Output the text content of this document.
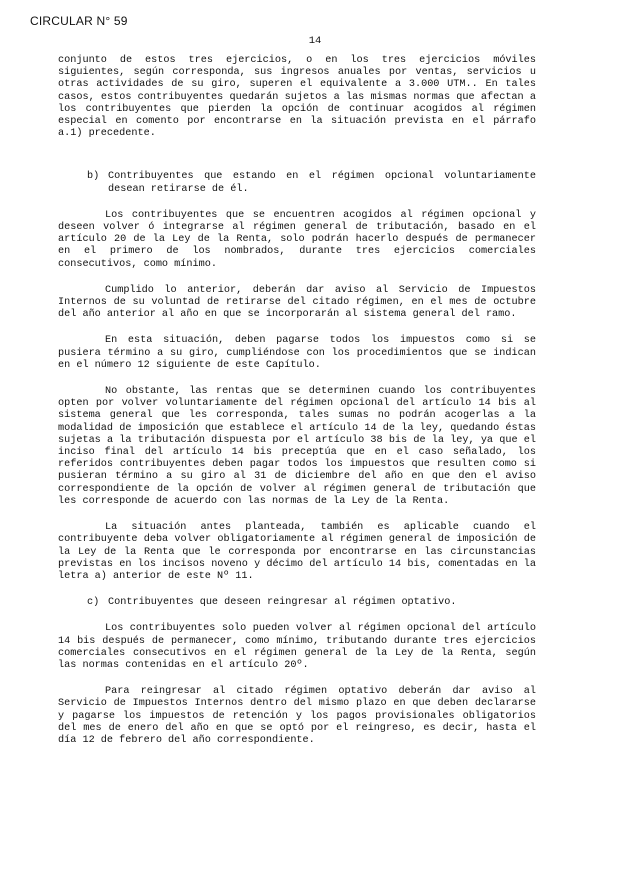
CIRCULAR N° 59
14

conjunto de estos tres ejercicios, o en los tres ejercicios móviles siguientes, según corresponda, sus ingresos anuales por ventas, servicios u otras actividades de su giro, superen el equivalente a 3.000 UTM.. En tales casos, estos contribuyentes quedarán sujetos a las mismas normas que afectan a los contribuyentes que pierden la opción de continuar acogidos al régimen especial en comento por encontrarse en la situación prevista en el párrafo a.1) precedente.

b) Contribuyentes que estando en el régimen opcional voluntariamente desean retirarse de él.

Los contribuyentes que se encuentren acogidos al régimen opcional y deseen volver ó integrarse al régimen general de tributación, basado en el artículo 20 de la Ley de la Renta, solo podrán hacerlo después de permanecer en el primero de los nombrados, durante tres ejercicios comerciales consecutivos, como mínimo.

Cumplido lo anterior, deberán dar aviso al Servicio de Impuestos Internos de su voluntad de retirarse del citado régimen, en el mes de octubre del año anterior al año en que se incorporarán al sistema general del ramo.

En esta situación, deben pagarse todos los impuestos como si se pusiera término a su giro, cumpliéndose con los procedimientos que se indican en el número 12 siguiente de este Capítulo.

No obstante, las rentas que se determinen cuando los contribuyentes opten por volver voluntariamente del régimen opcional del artículo 14 bis al sistema general que les corresponda, tales sumas no podrán acogerlas a la modalidad de imposición que establece el artículo 14 de la ley, quedando éstas sujetas a la tributación dispuesta por el artículo 38 bis de la ley, ya que el inciso final del artículo 14 bis preceptúa que en el caso señalado, los referidos contribuyentes deben pagar todos los impuestos que resulten como si pusieran término a su giro al 31 de diciembre del año en que den el aviso correspondiente de la opción de volver al régimen general de tributación que les corresponde de acuerdo con las normas de la Ley de la Renta.

La situación antes planteada, también es aplicable cuando el contribuyente deba volver obligatoriamente al régimen general de imposición de la Ley de la Renta que le corresponda por encontrarse en las circunstancias previstas en los incisos noveno y décimo del artículo 14 bis, comentadas en la letra a) anterior de este Nº 11.

c) Contribuyentes que deseen reingresar al régimen optativo.

Los contribuyentes solo pueden volver al régimen opcional del artículo 14 bis después de permanecer, como mínimo, tributando durante tres ejercicios comerciales consecutivos en el régimen general de la Ley de la Renta, según las normas contenidas en el artículo 20º.

Para reingresar al citado régimen optativo deberán dar aviso al Servicio de Impuestos Internos dentro del mismo plazo en que deben declararse y pagarse los impuestos de retención y los pagos provisionales obligatorios del mes de enero del año en que se optó por el reingreso, es decir, hasta el día 12 de febrero del año correspondiente.
